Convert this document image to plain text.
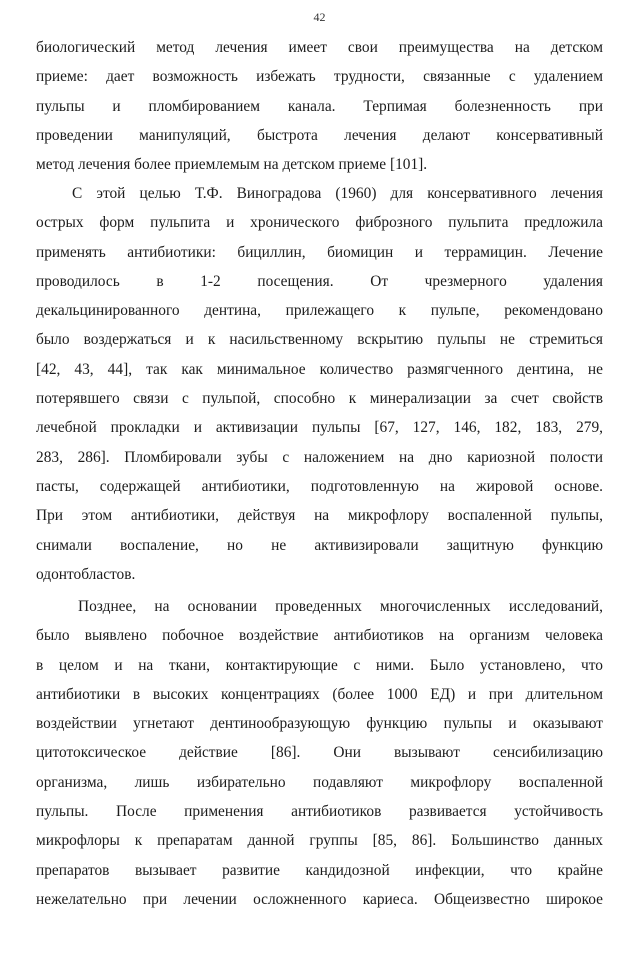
42

биологический метод лечения имеет свои преимущества на детском

приеме: дает возможность избежать трудности, связанные с удалением

пульпы и пломбированием канала. Терпимая болезненность при

проведении манипуляций, быстрота лечения делают консервативный

метод лечения более приемлемым на детском приеме [101].

С этой целью Т.Ф. Виноградова (1960) для консервативного лечения

острых форм пульпита и хронического фиброзного пульпита предложила

применять антибиотики: бициллин, биомицин и террамицин. Лечение

проводилось в 1-2 посещения. От чрезмерного удаления

декальцинированного дентина, прилежащего к пульпе, рекомендовано

было воздержаться и к насильственному вскрытию пульпы не стремиться

[42, 43, 44], так как минимальное количество размягченного дентина, не

потерявшего связи с пульпой, способно к минерализации за счет свойств

лечебной прокладки и активизации пульпы [67, 127, 146, 182, 183, 279,

283, 286]. Пломбировали зубы с наложением на дно кариозной полости

пасты, содержащей антибиотики, подготовленную на жировой основе.

При этом антибиотики, действуя на микрофлору воспаленной пульпы,

снимали воспаление, но не активизировали защитную функцию

одонтобластов.

Позднее, на основании проведенных многочисленных исследований,

было выявлено побочное воздействие антибиотиков на организм человека

в целом и на ткани, контактирующие с ними. Было установлено, что

антибиотики в высоких концентрациях (более 1000 ЕД) и при длительном

воздействии угнетают дентинообразующую функцию пульпы и оказывают

цитотоксическое действие [86]. Они вызывают сенсибилизацию

организма, лишь избирательно подавляют микрофлору воспаленной

пульпы. После применения антибиотиков развивается устойчивость

микрофлоры к препаратам данной группы [85, 86]. Большинство данных

препаратов вызывает развитие кандидозной инфекции, что крайне

нежелательно при лечении осложненного кариеса. Общеизвестно широкое
